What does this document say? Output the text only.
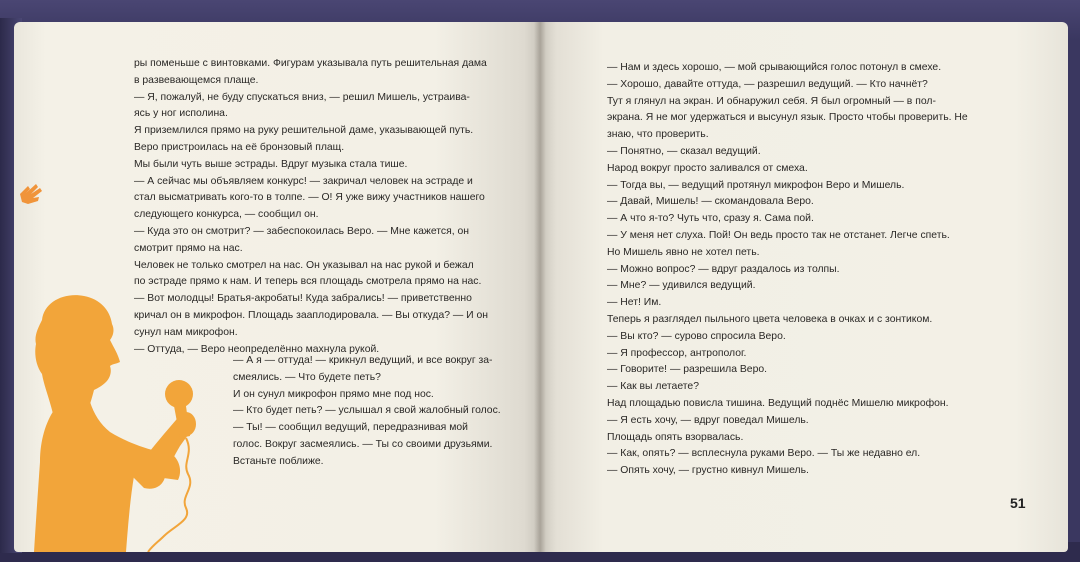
ры поменьше с винтовками. Фигурам указывала путь решительная дама
в развевающемся плаще.
— Я, пожалуй, не буду спускаться вниз, — решил Мишель, устраива-
ясь у ног исполина.
Я приземлился прямо на руку решительной даме, указывающей путь.
Веро пристроилась на её бронзовый плащ.
Мы были чуть выше эстрады. Вдруг музыка стала тише.
— А сейчас мы объявляем конкурс! — закричал человек на эстраде и
стал высматривать кого-то в толпе. — О! Я уже вижу участников нашего
следующего конкурса, — сообщил он.
— Куда это он смотрит? — забеспокоилась Веро. — Мне кажется, он
смотрит прямо на нас.
Человек не только смотрел на нас. Он указывал на нас рукой и бежал
по эстраде прямо к нам. И теперь вся площадь смотрела прямо на нас.
— Вот молодцы! Братья-акробаты! Куда забрались! — приветственно
кричал он в микрофон. Площадь зааплодировала. — Вы откуда? — И он
сунул нам микрофон.
— Оттуда, — Веро неопределённо махнула рукой.
— А я — оттуда! — крикнул ведущий, и все вокруг за-
смеялись. — Что будете петь?
И он сунул микрофон прямо мне под нос.
— Кто будет петь? — услышал я свой жалобный голос.
— Ты! — сообщил ведущий, передразнивая мой
голос. Вокруг засмеялись. — Ты со своими друзьями.
Встаньте поближе.
— Нам и здесь хорошо, — мой срывающийся голос потонул в смехе.
— Хорошо, давайте оттуда, — разрешил ведущий. — Кто начнёт?
Тут я глянул на экран. И обнаружил себя. Я был огромный — в пол-
экрана. Я не мог удержаться и высунул язык. Просто чтобы проверить. Не
знаю, что проверить.
— Понятно, — сказал ведущий.
Народ вокруг просто заливался от смеха.
— Тогда вы, — ведущий протянул микрофон Веро и Мишель.
— Давай, Мишель! — скомандовала Веро.
— А что я-то? Чуть что, сразу я. Сама пой.
— У меня нет слуха. Пой! Он ведь просто так не отстанет. Легче спеть.
Но Мишель явно не хотел петь.
— Можно вопрос? — вдруг раздалось из толпы.
— Мне? — удивился ведущий.
— Нет! Им.
Теперь я разглядел пыльного цвета человека в очках и с зонтиком.
— Вы кто? — сурово спросила Веро.
— Я профессор, антрополог.
— Говорите! — разрешила Веро.
— Как вы летаете?
Над площадью повисла тишина. Ведущий поднёс Мишелю микрофон.
— Я есть хочу, — вдруг поведал Мишель.
Площадь опять взорвалась.
— Как, опять? — всплеснула руками Веро. — Ты же недавно ел.
— Опять хочу, — грустно кивнул Мишель.
51
